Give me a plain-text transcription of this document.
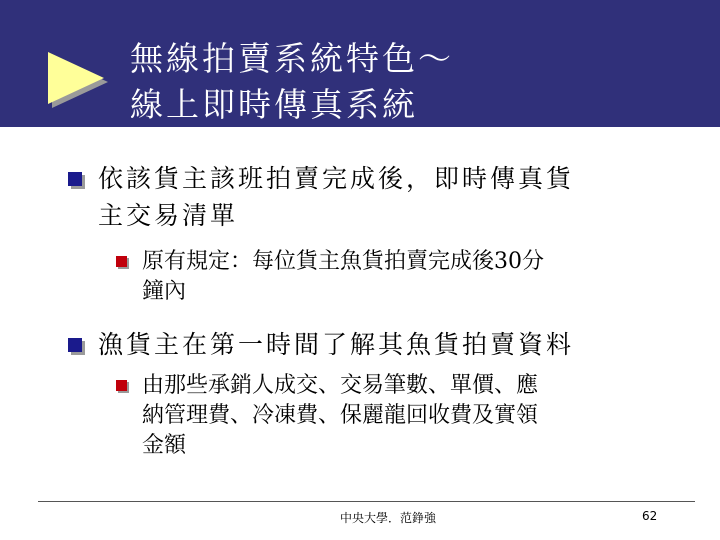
無線拍賣系統特色～
線上即時傳真系統
依該貨主該班拍賣完成後，即時傳真貨
主交易清單
原有規定：每位貨主魚貨拍賣完成後30分
鐘內
漁貨主在第一時間了解其魚貨拍賣資料
由那些承銷人成交、交易筆數、單價、應
納管理費、冷凍費、保麗龍回收費及實領
金額
中央大學．范錚強	62
